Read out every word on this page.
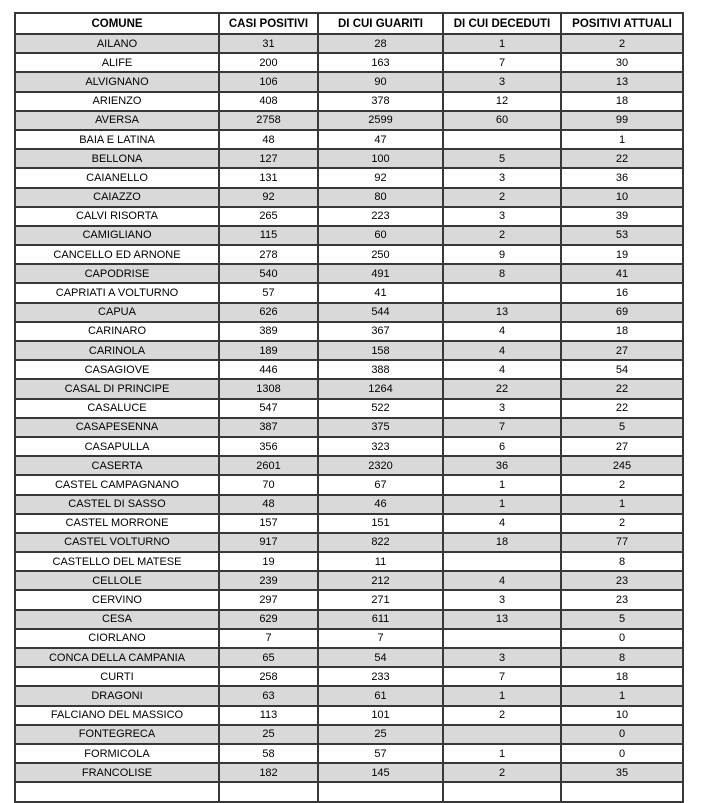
COMUNE	CASI POSITIVI	DI CUI GUARITI	DI CUI DECEDUTI	POSITIVI ATTUALI
AILANO	31	28	1	2
ALIFE	200	163	7	30
ALVIGNANO	106	90	3	13
ARIENZO	408	378	12	18
AVERSA	2758	2599	60	99
BAIA E LATINA	48	47		1
BELLONA	127	100	5	22
CAIANELLO	131	92	3	36
CAIAZZO	92	80	2	10
CALVI RISORTA	265	223	3	39
CAMIGLIANO	115	60	2	53
CANCELLO ED ARNONE	278	250	9	19
CAPODRISE	540	491	8	41
CAPRIATI A VOLTURNO	57	41		16
CAPUA	626	544	13	69
CARINARO	389	367	4	18
CARINOLA	189	158	4	27
CASAGIOVE	446	388	4	54
CASAL DI PRINCIPE	1308	1264	22	22
CASALUCE	547	522	3	22
CASAPESENNA	387	375	7	5
CASAPULLA	356	323	6	27
CASERTA	2601	2320	36	245
CASTEL CAMPAGNANO	70	67	1	2
CASTEL DI SASSO	48	46	1	1
CASTEL MORRONE	157	151	4	2
CASTEL VOLTURNO	917	822	18	77
CASTELLO DEL MATESE	19	11		8
CELLOLE	239	212	4	23
CERVINO	297	271	3	23
CESA	629	611	13	5
CIORLANO	7	7		0
CONCA DELLA CAMPANIA	65	54	3	8
CURTI	258	233	7	18
DRAGONI	63	61	1	1
FALCIANO DEL MASSICO	113	101	2	10
FONTEGRECA	25	25		0
FORMICOLA	58	57	1	0
FRANCOLISE	182	145	2	35
